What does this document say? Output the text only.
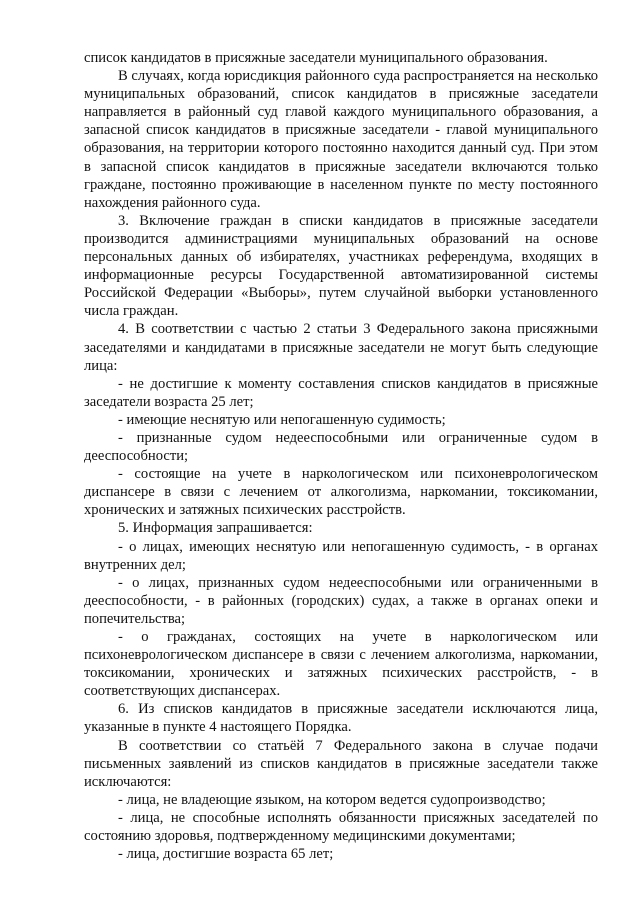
список кандидатов в присяжные заседатели муниципального образования.

В случаях, когда юрисдикция районного суда распространяется на несколько муниципальных образований, список кандидатов в присяжные заседатели направляется в районный суд главой каждого муниципального образования, а запасной список кандидатов в присяжные заседатели - главой муниципального образования, на территории которого постоянно находится данный суд. При этом в запасной список кандидатов в присяжные заседатели включаются только граждане, постоянно проживающие в населенном пункте по месту постоянного нахождения районного суда.

3. Включение граждан в списки кандидатов в присяжные заседатели производится администрациями муниципальных образований на основе персональных данных об избирателях, участниках референдума, входящих в информационные ресурсы Государственной автоматизированной системы Российской Федерации «Выборы», путем случайной выборки установленного числа граждан.

4. В соответствии с частью 2 статьи 3 Федерального закона присяжными заседателями и кандидатами в присяжные заседатели не могут быть следующие лица:

- не достигшие к моменту составления списков кандидатов в присяжные заседатели возраста 25 лет;

- имеющие неснятую или непогашенную судимость;

- признанные судом недееспособными или ограниченные судом в дееспособности;

- состоящие на учете в наркологическом или психоневрологическом диспансере в связи с лечением от алкоголизма, наркомании, токсикомании, хронических и затяжных психических расстройств.

5. Информация запрашивается:

- о лицах, имеющих неснятую или непогашенную судимость, - в органах внутренних дел;

- о лицах, признанных судом недееспособными или ограниченными в дееспособности, - в районных (городских) судах, а также в органах опеки и попечительства;

- о гражданах, состоящих на учете в наркологическом или психоневрологическом диспансере в связи с лечением алкоголизма, наркомании, токсикомании, хронических и затяжных психических расстройств, - в соответствующих диспансерах.

6. Из списков кандидатов в присяжные заседатели исключаются лица, указанные в пункте 4 настоящего Порядка.

В соответствии со статьёй 7 Федерального закона в случае подачи письменных заявлений из списков кандидатов в присяжные заседатели также исключаются:

- лица, не владеющие языком, на котором ведется судопроизводство;

- лица, не способные исполнять обязанности присяжных заседателей по состоянию здоровья, подтвержденному медицинскими документами;

- лица, достигшие возраста 65 лет;
